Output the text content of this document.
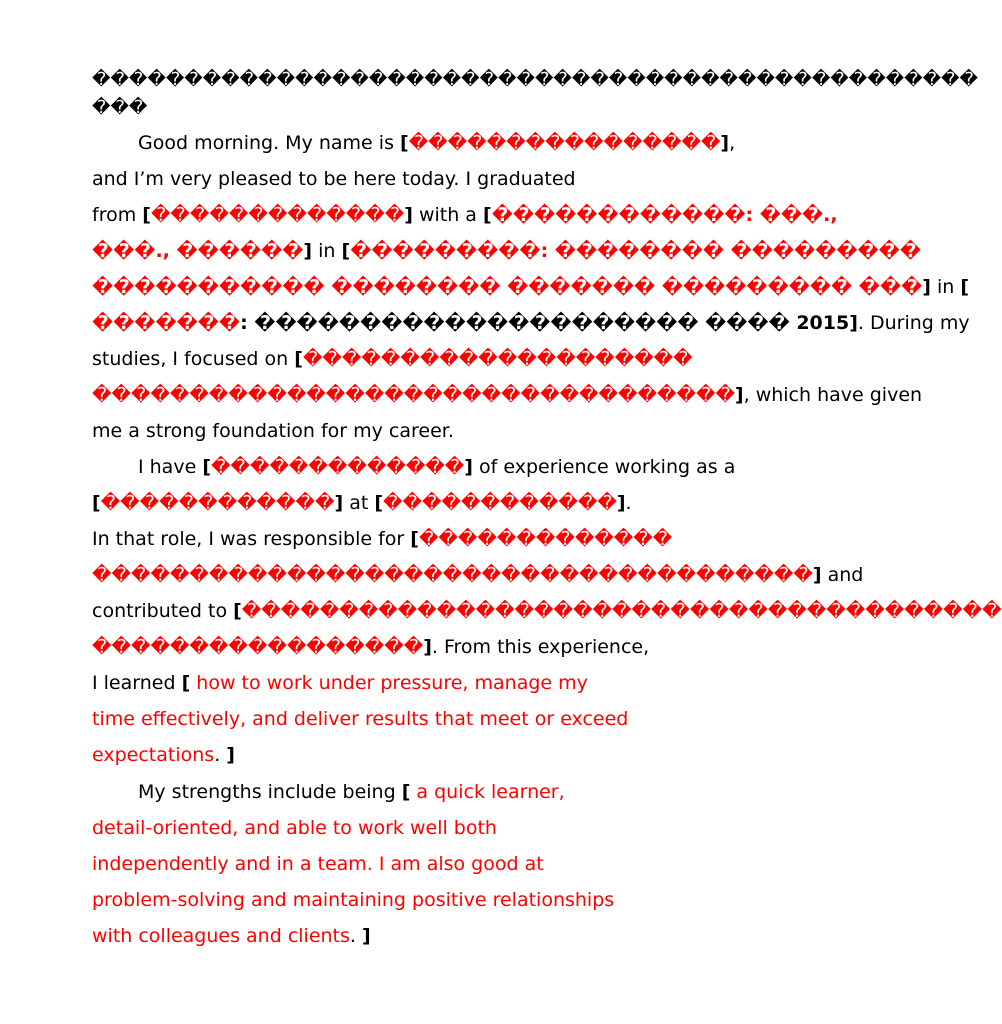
������������������������������������������������
���
Good morning. My name is [����������������],
and I’m very pleased to be here today. I graduated
from [�������������] with a [������������: ���.,
���., ������] in [���������: �������� ���������
����������� �������� ������� ��������� ���] in [
�������: ��������������������� ���� 2015]. During my
studies, I focused on [��������������������
���������������������������������], which have given
me a strong foundation for my career.
I have [�������������] of experience working as a
[������������] at [������������].
In that role, I was responsible for [�������������
�������������������������������������] and
contributed to [���������������������������������������
�����������������]. From this experience,
I learned [ how to work under pressure, manage my
time effectively, and deliver results that meet or exceed
expectations. ]
My strengths include being [ a quick learner,
detail-oriented, and able to work well both
independently and in a team. I am also good at
problem-solving and maintaining positive relationships
with colleagues and clients. ]
